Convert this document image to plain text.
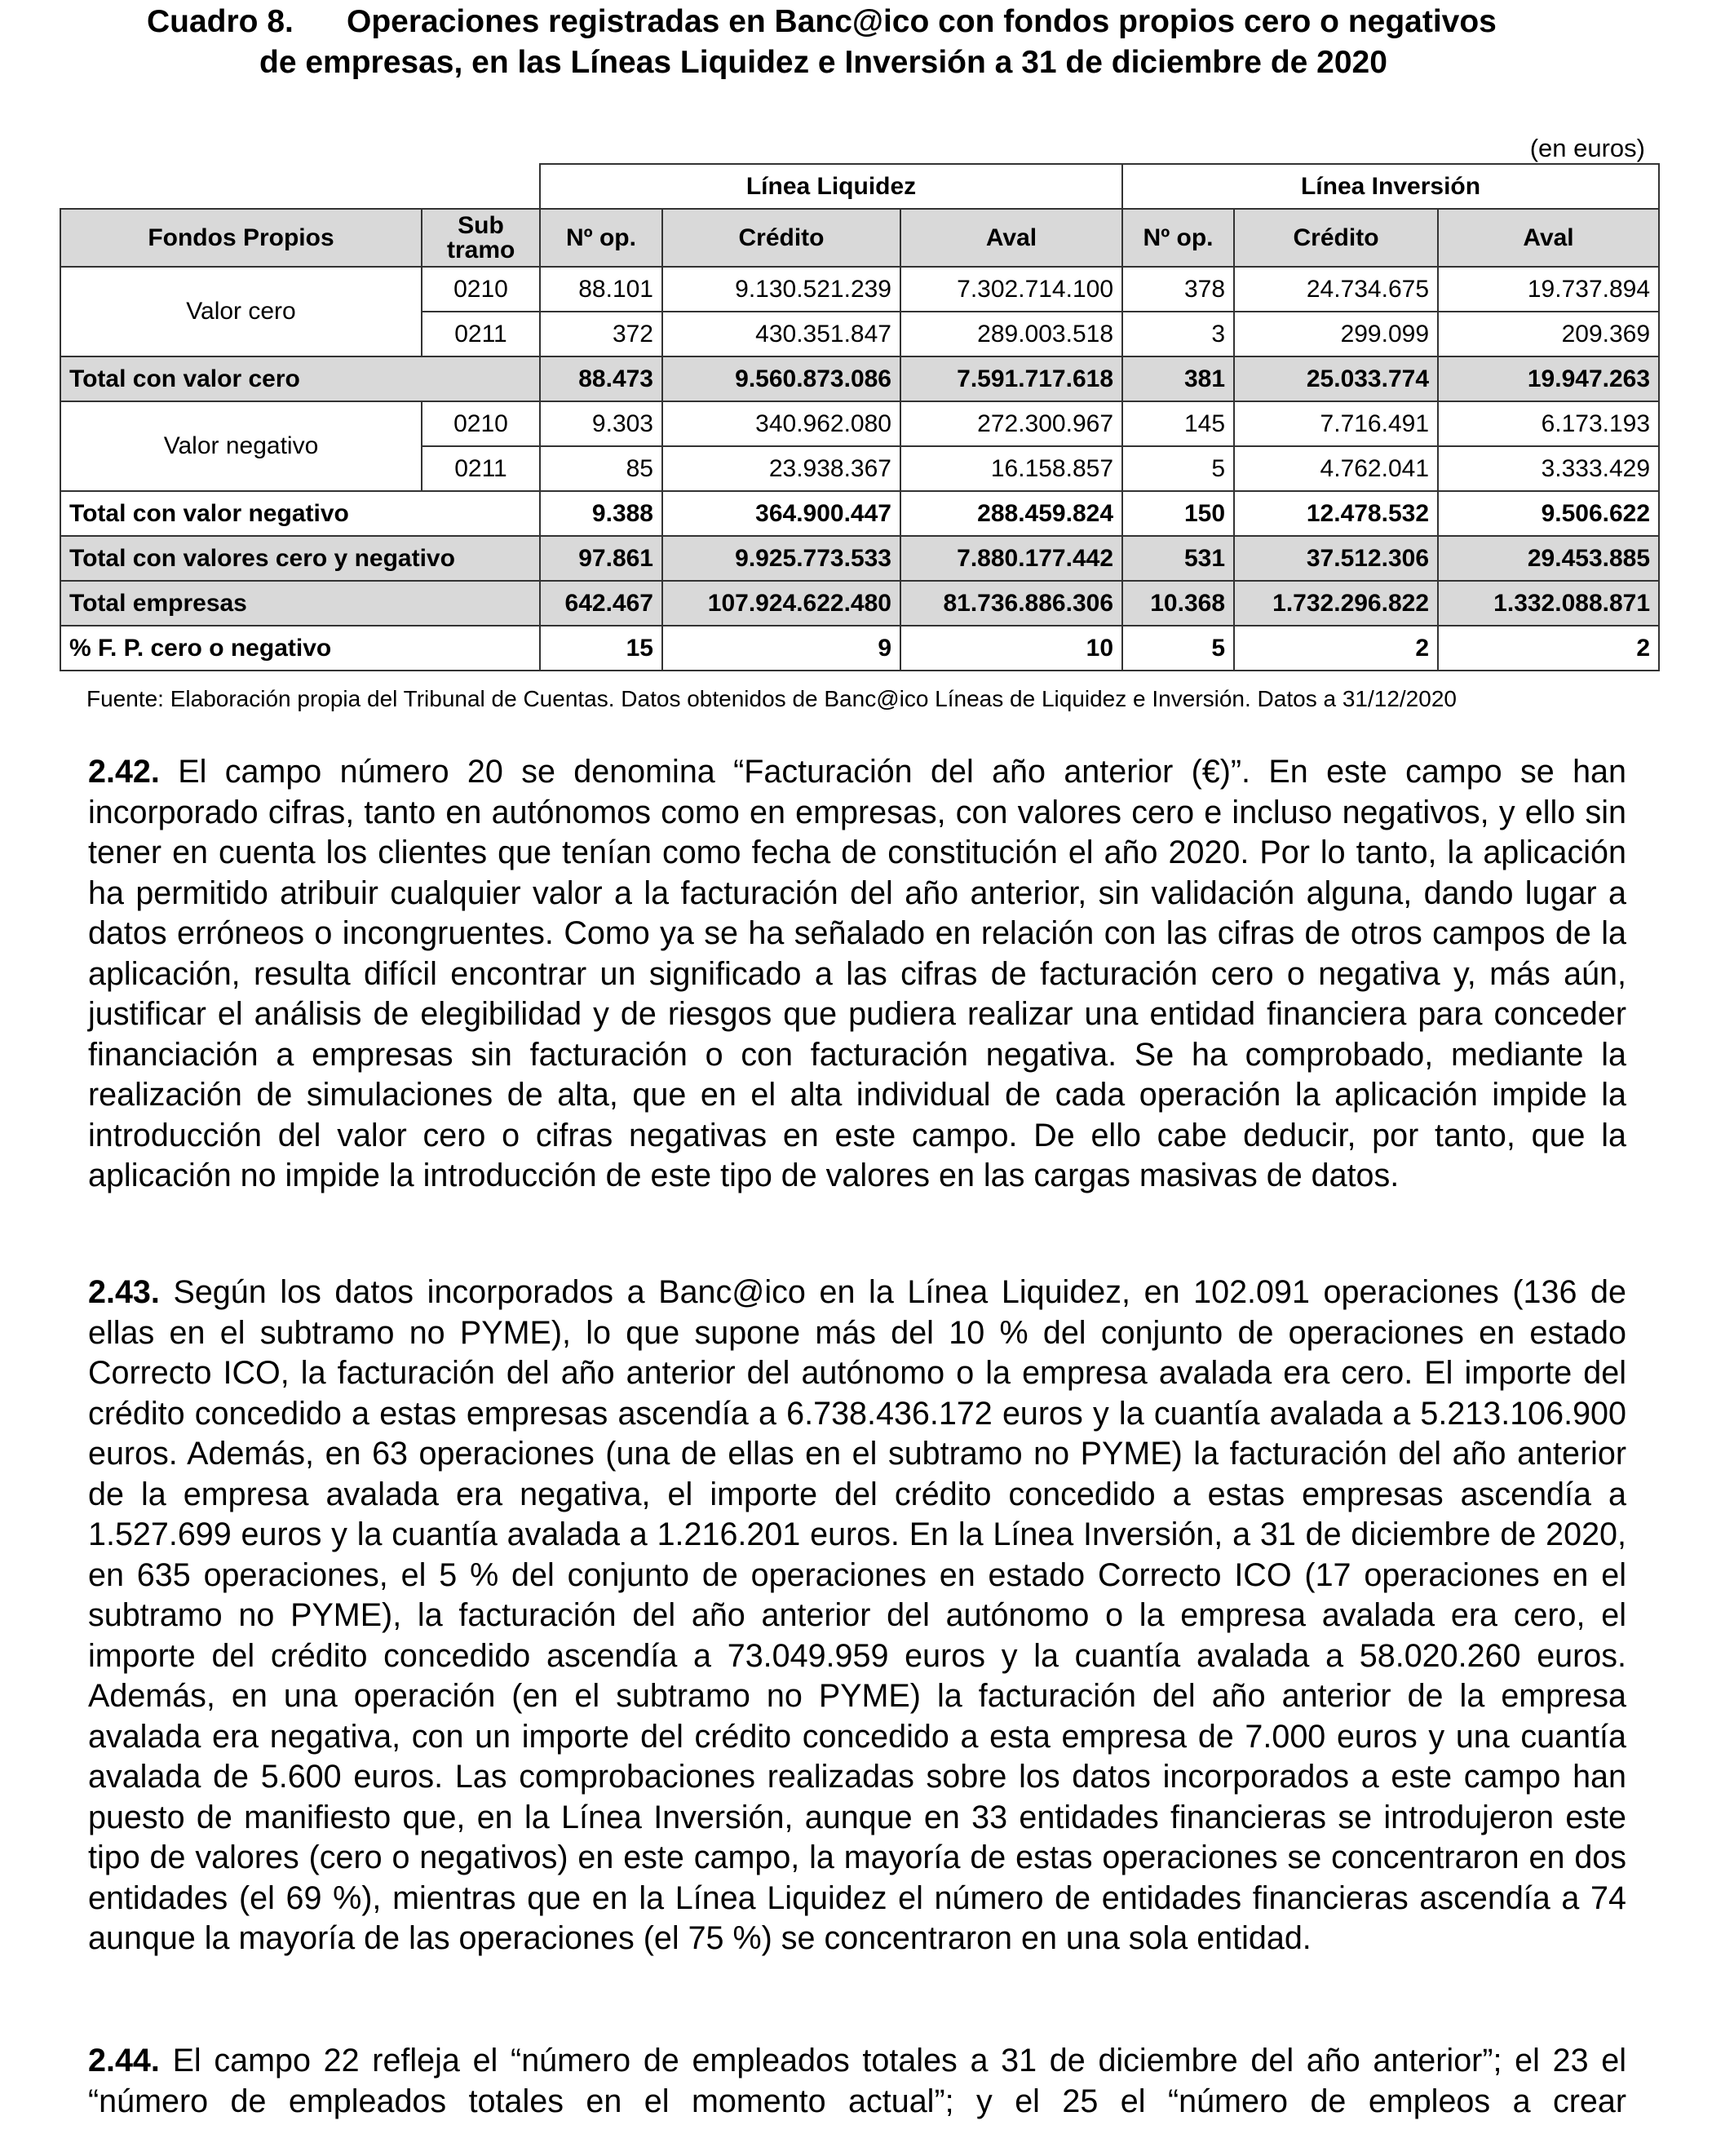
Cuadro 8. Operaciones registradas en Banc@ico con fondos propios cero o negativos
de empresas, en las Líneas Liquidez e Inversión a 31 de diciembre de 2020
(en euros)
		Línea Liquidez			Línea Inversión		
Fondos Propios	Sub tramo	Nº op.	Crédito	Aval	Nº op.	Crédito	Aval
Valor cero	0210	88.101	9.130.521.239	7.302.714.100	378	24.734.675	19.737.894
	0211	372	430.351.847	289.003.518	3	299.099	209.369
Total con valor cero		88.473	9.560.873.086	7.591.717.618	381	25.033.774	19.947.263
Valor negativo	0210	9.303	340.962.080	272.300.967	145	7.716.491	6.173.193
	0211	85	23.938.367	16.158.857	5	4.762.041	3.333.429
Total con valor negativo		9.388	364.900.447	288.459.824	150	12.478.532	9.506.622
Total con valores cero y negativo		97.861	9.925.773.533	7.880.177.442	531	37.512.306	29.453.885
Total empresas		642.467	107.924.622.480	81.736.886.306	10.368	1.732.296.822	1.332.088.871
% F. P. cero o negativo		15	9	10	5	2	2
Fuente: Elaboración propia del Tribunal de Cuentas. Datos obtenidos de Banc@ico Líneas de Liquidez e Inversión. Datos a 31/12/2020

2.42. El campo número 20 se denomina “Facturación del año anterior (€)”. En este campo se han incorporado cifras, tanto en autónomos como en empresas, con valores cero e incluso negativos, y ello sin tener en cuenta los clientes que tenían como fecha de constitución el año 2020. Por lo tanto, la aplicación ha permitido atribuir cualquier valor a la facturación del año anterior, sin validación alguna, dando lugar a datos erróneos o incongruentes. Como ya se ha señalado en relación con las cifras de otros campos de la aplicación, resulta difícil encontrar un significado a las cifras de facturación cero o negativa y, más aún, justificar el análisis de elegibilidad y de riesgos que pudiera realizar una entidad financiera para conceder financiación a empresas sin facturación o con facturación negativa. Se ha comprobado, mediante la realización de simulaciones de alta, que en el alta individual de cada operación la aplicación impide la introducción del valor cero o cifras negativas en este campo. De ello cabe deducir, por tanto, que la aplicación no impide la introducción de este tipo de valores en las cargas masivas de datos.

2.43. Según los datos incorporados a Banc@ico en la Línea Liquidez, en 102.091 operaciones (136 de ellas en el subtramo no PYME), lo que supone más del 10 % del conjunto de operaciones en estado Correcto ICO, la facturación del año anterior del autónomo o la empresa avalada era cero. El importe del crédito concedido a estas empresas ascendía a 6.738.436.172 euros y la cuantía avalada a 5.213.106.900 euros. Además, en 63 operaciones (una de ellas en el subtramo no PYME) la facturación del año anterior de la empresa avalada era negativa, el importe del crédito concedido a estas empresas ascendía a 1.527.699 euros y la cuantía avalada a 1.216.201 euros. En la Línea Inversión, a 31 de diciembre de 2020, en 635 operaciones, el 5 % del conjunto de operaciones en estado Correcto ICO (17 operaciones en el subtramo no PYME), la facturación del año anterior del autónomo o la empresa avalada era cero, el importe del crédito concedido ascendía a 73.049.959 euros y la cuantía avalada a 58.020.260 euros. Además, en una operación (en el subtramo no PYME) la facturación del año anterior de la empresa avalada era negativa, con un importe del crédito concedido a esta empresa de 7.000 euros y una cuantía avalada de 5.600 euros. Las comprobaciones realizadas sobre los datos incorporados a este campo han puesto de manifiesto que, en la Línea Inversión, aunque en 33 entidades financieras se introdujeron este tipo de valores (cero o negativos) en este campo, la mayoría de estas operaciones se concentraron en dos entidades (el 69 %), mientras que en la Línea Liquidez el número de entidades financieras ascendía a 74 aunque la mayoría de las operaciones (el 75 %) se concentraron en una sola entidad.

2.44. El campo 22 refleja el “número de empleados totales a 31 de diciembre del año anterior”; el 23 el “número de empleados totales en el momento actual”; y el 25 el “número de empleos a crear
